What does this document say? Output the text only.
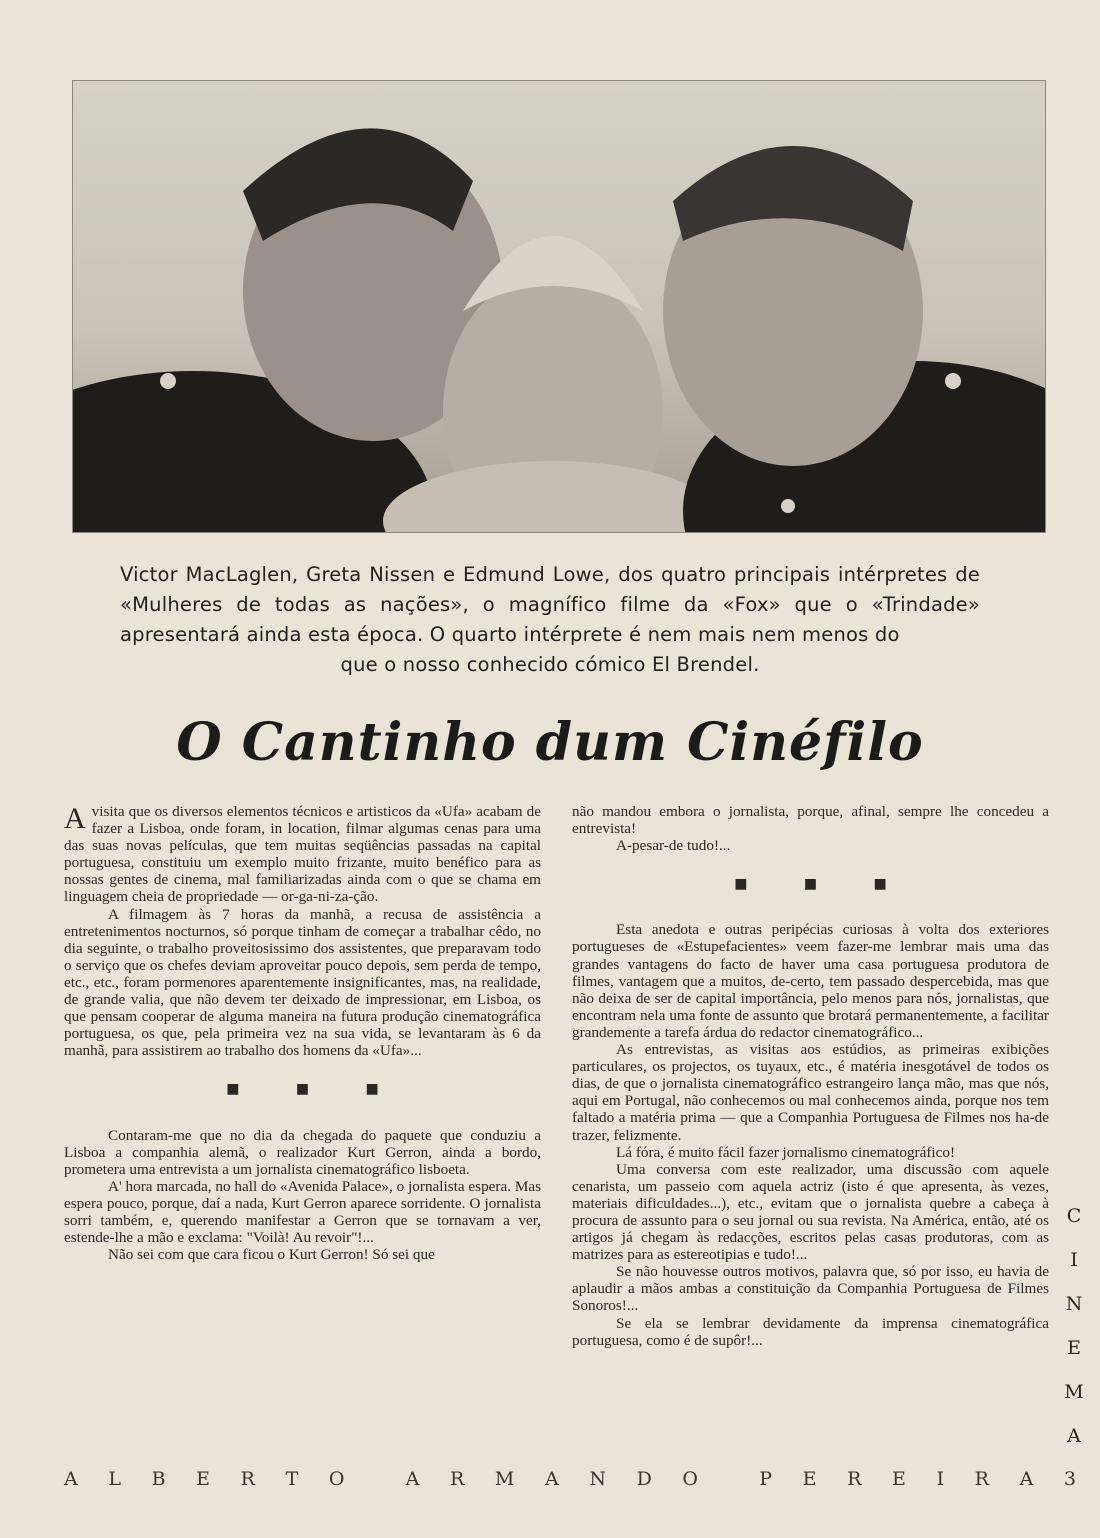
Victor MacLaglen, Greta Nissen e Edmund Lowe, dos quatro principais intérpretes de «Mulheres de todas as nações», o magnífico filme da «Fox» que o «Trindade» apresentará ainda esta época. O quarto intérprete é nem mais nem menos do
que o nosso conhecido cómico El Brendel.
O Cantinho dum Cinéfilo

Avisita que os diversos elementos técnicos e artisticos da «Ufa» acabam de fazer a Lisboa, onde foram, in location, filmar algumas cenas para uma das suas novas películas, que tem muitas seqüências passadas na capital portuguesa, constituiu um exemplo muito frizante, muito benéfico para as nossas gentes de cinema, mal familiarizadas ainda com o que se chama em linguagem cheia de propriedade — or-ga-ni-za-ção.

A filmagem às 7 horas da manhã, a recusa de assistência a entretenimentos nocturnos, só porque tinham de começar a trabalhar cêdo, no dia seguinte, o trabalho proveitosissimo dos assistentes, que preparavam todo o serviço que os chefes deviam aproveitar pouco depois, sem perda de tempo, etc., etc., foram pormenores aparentemente insignificantes, mas, na realidade, de grande valia, que não devem ter deixado de impressionar, em Lisboa, os que pensam cooperar de alguma maneira na futura produção cinematográfica portuguesa, os que, pela primeira vez na sua vida, se levantaram às 6 da manhã, para assistirem ao trabalho dos homens da «Ufa»...

■ ■ ■

Contaram-me que no dia da chegada do paquete que conduziu a Lisboa a companhia alemã, o realizador Kurt Gerron, ainda a bordo, prometera uma entrevista a um jornalista cinematográfico lisboeta.

A' hora marcada, no hall do «Avenida Palace», o jornalista espera. Mas espera pouco, porque, daí a nada, Kurt Gerron aparece sorridente. O jornalista sorri também, e, querendo manifestar a Gerron que se tornavam a ver, estende-lhe a mão e exclama: "Voilà! Au revoir"!...

Não sei com que cara ficou o Kurt Gerron! Só sei que

não mandou embora o jornalista, porque, afinal, sempre lhe concedeu a entrevista!

A-pesar-de tudo!...

■ ■ ■

Esta anedota e outras peripécias curiosas à volta dos exteriores portugueses de «Estupefacientes» veem fazer-me lembrar mais uma das grandes vantagens do facto de haver uma casa portuguesa produtora de filmes, vantagem que a muitos, de-certo, tem passado despercebida, mas que não deixa de ser de capital importância, pelo menos para nós, jornalistas, que encontram nela uma fonte de assunto que brotará permanentemente, a facilitar grandemente a tarefa árdua do redactor cinematográfico...

As entrevistas, as visitas aos estúdios, as primeiras exibições particulares, os projectos, os tuyaux, etc., é matéria inesgotável de todos os dias, de que o jornalista cinematográfico estrangeiro lança mão, mas que nós, aqui em Portugal, não conhecemos ou mal conhecemos ainda, porque nos tem faltado a matéria prima — que a Companhia Portuguesa de Filmes nos ha-de trazer, felizmente.

Lá fóra, é muito fácil fazer jornalismo cinematográfico!

Uma conversa com este realizador, uma discussão com aquele cenarista, um passeio com aquela actriz (isto é que apresenta, às vezes, materiais dificuldades...), etc., evitam que o jornalista quebre a cabeça à procura de assunto para o seu jornal ou sua revista. Na América, então, até os artigos já chegam às redacções, escritos pelas casas produtoras, com as matrizes para as estereotipias e tudo!...

Se não houvesse outros motivos, palavra que, só por isso, eu havia de aplaudir a mãos ambas a constituição da Companhia Portuguesa de Filmes Sonoros!...

Se ela se lembrar devidamente da imprensa cinematográfica portuguesa, como é de supôr!...

C
I
N
E
M
A
A L B E R T O	A R M A N D O	P E R E I R A 3
